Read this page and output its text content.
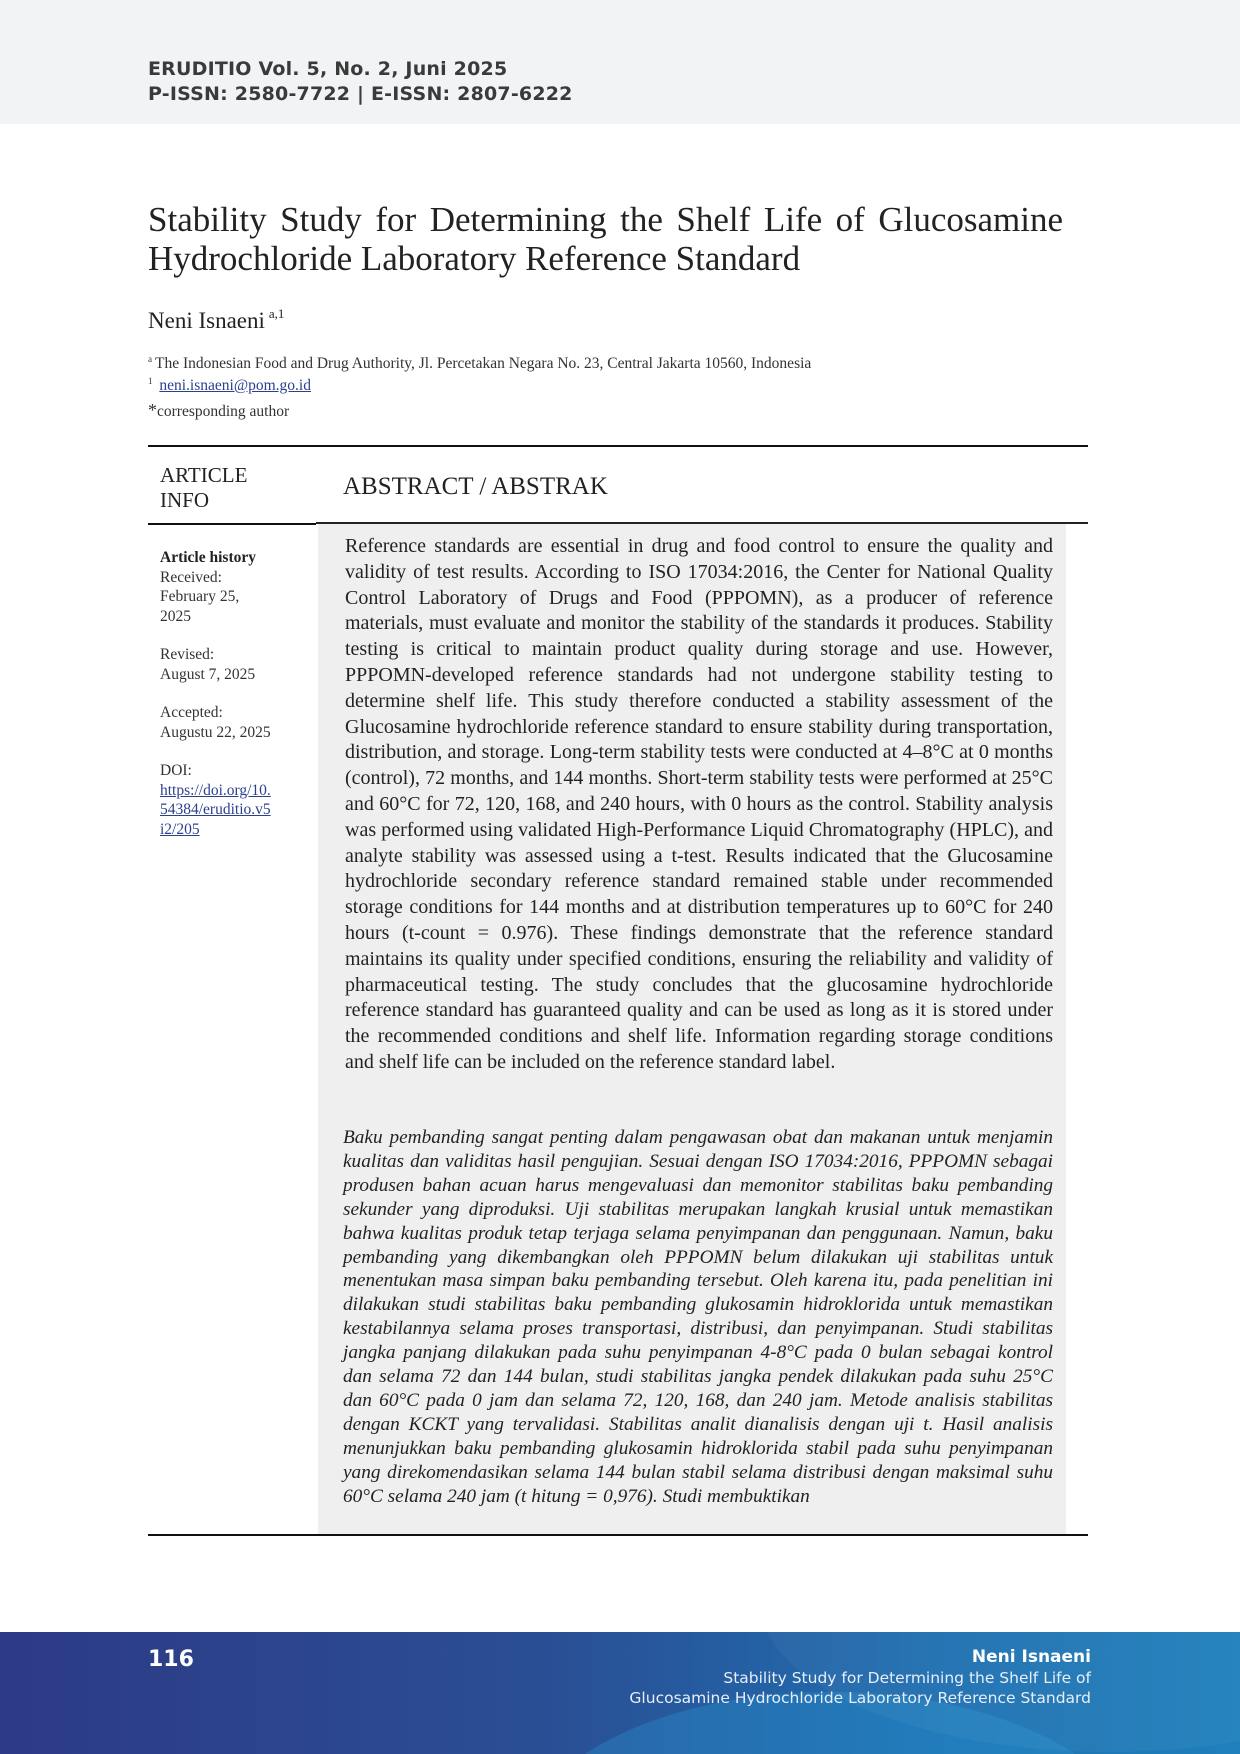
ERUDITIO Vol. 5, No. 2, Juni 2025
P-ISSN: 2580-7722 | E-ISSN: 2807-6222
Stability Study for Determining the Shelf Life of Glucosamine
Hydrochloride Laboratory Reference Standard
Neni Isnaeni $^{a,1}$
$^a$ The Indonesian Food and Drug Authority, Jl. Percetakan Negara No. 23, Central Jakarta 10560, Indonesia
$^1$ neni.isnaeni@pom.go.id
*corresponding author
ARTICLE
INFO	ABSTRACT / ABSTRAK
Article history
Received:
February 25,
2025
Revised:
August 7, 2025
Accepted:
Augustu 22, 2025
DOI:
https://doi.org/10.
54384/eruditio.v5
i2/205
Reference standards are essential in drug and food control to ensure the quality and validity of test results. According to ISO 17034:2016, the Center for National Quality Control Laboratory of Drugs and Food (PPPOMN), as a producer of reference materials, must evaluate and monitor the stability of the standards it produces. Stability testing is critical to maintain product quality during storage and use. However, PPPOMN-developed reference standards had not undergone stability testing to determine shelf life. This study therefore conducted a stability assessment of the Glucosamine hydrochloride reference standard to ensure stability during transportation, distribution, and storage. Long-term stability tests were conducted at 4–8°C at 0 months (control), 72 months, and 144 months. Short-term stability tests were performed at 25°C and 60°C for 72, 120, 168, and 240 hours, with 0 hours as the control. Stability analysis was performed using validated High-Performance Liquid Chromatography (HPLC), and analyte stability was assessed using a t-test. Results indicated that the Glucosamine hydrochloride secondary reference standard remained stable under recommended storage conditions for 144 months and at distribution temperatures up to 60°C for 240 hours (t-count = 0.976). These findings demonstrate that the reference standard maintains its quality under specified conditions, ensuring the reliability and validity of pharmaceutical testing. The study concludes that the glucosamine hydrochloride reference standard has guaranteed quality and can be used as long as it is stored under the recommended conditions and shelf life. Information regarding storage conditions and shelf life can be included on the reference standard label.
Baku pembanding sangat penting dalam pengawasan obat dan makanan untuk menjamin kualitas dan validitas hasil pengujian. Sesuai dengan ISO 17034:2016, PPPOMN sebagai produsen bahan acuan harus mengevaluasi dan memonitor stabilitas baku pembanding sekunder yang diproduksi. Uji stabilitas merupakan langkah krusial untuk memastikan bahwa kualitas produk tetap terjaga selama penyimpanan dan penggunaan. Namun, baku pembanding yang dikembangkan oleh PPPOMN belum dilakukan uji stabilitas untuk menentukan masa simpan baku pembanding tersebut. Oleh karena itu, pada penelitian ini dilakukan studi stabilitas baku pembanding glukosamin hidroklorida untuk memastikan kestabilannya selama proses transportasi, distribusi, dan penyimpanan. Studi stabilitas jangka panjang dilakukan pada suhu penyimpanan 4-8°C pada 0 bulan sebagai kontrol dan selama 72 dan 144 bulan, studi stabilitas jangka pendek dilakukan pada suhu 25°C dan 60°C pada 0 jam dan selama 72, 120, 168, dan 240 jam. Metode analisis stabilitas dengan KCKT yang tervalidasi. Stabilitas analit dianalisis dengan uji t. Hasil analisis menunjukkan baku pembanding glukosamin hidroklorida stabil pada suhu penyimpanan yang direkomendasikan selama 144 bulan stabil selama distribusi dengan maksimal suhu 60°C selama 240 jam (t hitung = 0,976). Studi membuktikan
116	Neni Isnaeni
Stability Study for Determining the Shelf Life of
Glucosamine Hydrochloride Laboratory Reference Standard
